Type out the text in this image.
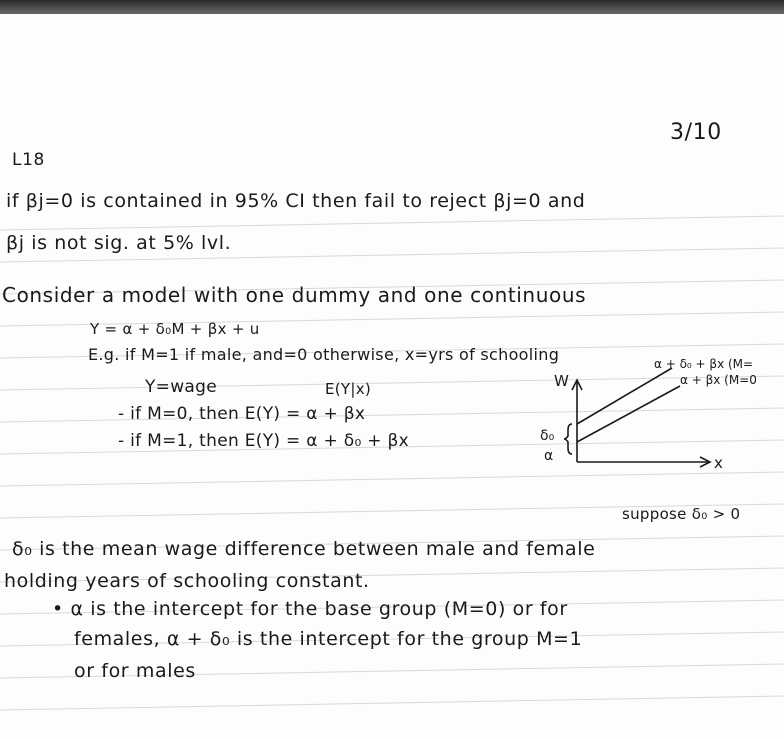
3/10
L18
if βj=0 is contained in 95% CI then fail to reject βj=0 and
βj is not sig. at 5% lvl.
Consider a model with one dummy and one continuous
Y = α + δ₀M + βx + u
E.g. if M=1 if male, and=0 otherwise, x=yrs of schooling
Y=wage	E(Y|x)
- if M=0, then E(Y) = α + βx
- if M=1, then E(Y) = α + δ₀ + βx
W
x
α + δ₀ + βx (M=
α + βx (M=0
δ₀
α
suppose δ₀ > 0
δ₀ is the mean wage difference between male and female
holding years of schooling constant.
• α is the intercept for the base group (M=0) or for
females, α + δ₀ is the intercept for the group M=1
or for males
